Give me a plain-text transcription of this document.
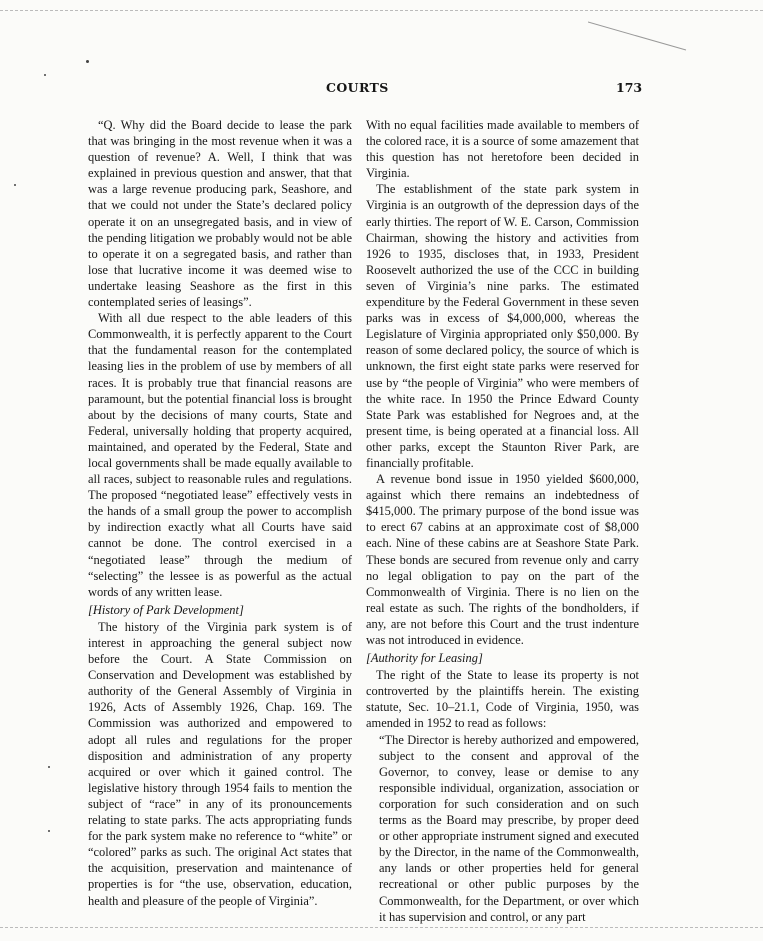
COURTS	173

“Q. Why did the Board decide to lease the park that was bringing in the most revenue when it was a question of revenue? A. Well, I think that was explained in previous question and answer, that that was a large revenue producing park, Seashore, and that we could not under the State’s declared policy operate it on an unsegregated basis, and in view of the pending litigation we probably would not be able to operate it on a segregated basis, and rather than lose that lucrative income it was deemed wise to undertake leasing Seashore as the first in this contemplated series of leasings”.

With all due respect to the able leaders of this Commonwealth, it is perfectly apparent to the Court that the fundamental reason for the contemplated leasing lies in the problem of use by members of all races. It is probably true that financial reasons are paramount, but the potential financial loss is brought about by the decisions of many courts, State and Federal, universally holding that property acquired, maintained, and operated by the Federal, State and local governments shall be made equally available to all races, subject to reasonable rules and regulations. The proposed “negotiated lease” effectively vests in the hands of a small group the power to accomplish by indirection exactly what all Courts have said cannot be done. The control exercised in a “negotiated lease” through the medium of “selecting” the lessee is as powerful as the actual words of any written lease.

[History of Park Development]

The history of the Virginia park system is of interest in approaching the general subject now before the Court. A State Commission on Conservation and Development was established by authority of the General Assembly of Virginia in 1926, Acts of Assembly 1926, Chap. 169. The Commission was authorized and empowered to adopt all rules and regulations for the proper disposition and administration of any property acquired or over which it gained control. The legislative history through 1954 fails to mention the subject of “race” in any of its pronouncements relating to state parks. The acts appropriating funds for the park system make no reference to “white” or “colored” parks as such. The original Act states that the acquisition, preservation and maintenance of properties is for “the use, observation, education, health and pleasure of the people of Virginia”.

With no equal facilities made available to members of the colored race, it is a source of some amazement that this question has not heretofore been decided in Virginia.

The establishment of the state park system in Virginia is an outgrowth of the depression days of the early thirties. The report of W. E. Carson, Commission Chairman, showing the history and activities from 1926 to 1935, discloses that, in 1933, President Roosevelt authorized the use of the CCC in building seven of Virginia’s nine parks. The estimated expenditure by the Federal Government in these seven parks was in excess of $4,000,000, whereas the Legislature of Virginia appropriated only $50,000. By reason of some declared policy, the source of which is unknown, the first eight state parks were reserved for use by “the people of Virginia” who were members of the white race. In 1950 the Prince Edward County State Park was established for Negroes and, at the present time, is being operated at a financial loss. All other parks, except the Staunton River Park, are financially profitable.

A revenue bond issue in 1950 yielded $600,000, against which there remains an indebtedness of $415,000. The primary purpose of the bond issue was to erect 67 cabins at an approximate cost of $8,000 each. Nine of these cabins are at Seashore State Park. These bonds are secured from revenue only and carry no legal obligation to pay on the part of the Commonwealth of Virginia. There is no lien on the real estate as such. The rights of the bondholders, if any, are not before this Court and the trust indenture was not introduced in evidence.

[Authority for Leasing]

The right of the State to lease its property is not controverted by the plaintiffs herein. The existing statute, Sec. 10–21.1, Code of Virginia, 1950, was amended in 1952 to read as follows:

“The Director is hereby authorized and empowered, subject to the consent and approval of the Governor, to convey, lease or demise to any responsible individual, organization, association or corporation for such consideration and on such terms as the Board may prescribe, by proper deed or other appropriate instrument signed and executed by the Director, in the name of the Commonwealth, any lands or other properties held for general recreational or other public purposes by the Commonwealth, for the Department, or over which it has supervision and control, or any part
